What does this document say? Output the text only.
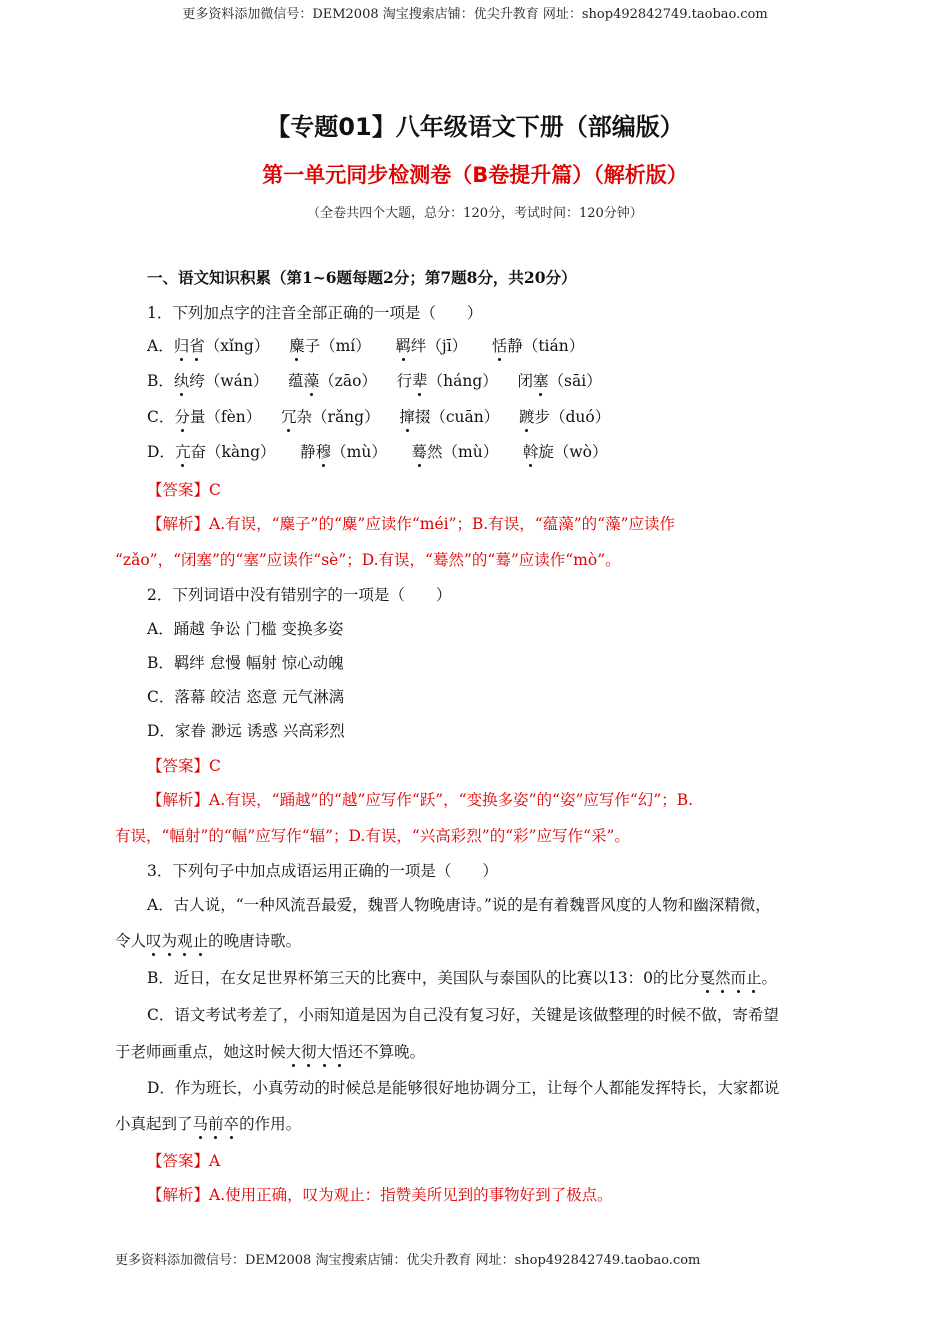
更多资料添加微信号：DEM2008 淘宝搜索店铺：优尖升教育 网址：shop492842749.taobao.com
【专题01】八年级语文下册（部编版）
第一单元同步检测卷（B卷提升篇）（解析版）
（全卷共四个大题，总分：120分，考试时间：120分钟）
一、语文知识积累（第1~6题每题2分；第7题8分，共20分）
1．下列加点字的注音全部正确的一项是（　　）
A．归省（xǐng） 麋子（mí） 羁绊（jī） 恬静（tián）
B．纨绔（wán） 蕴藻（zāo） 行辈（háng） 闭塞（sāi）
C．分量（fèn） 冗杂（rǎng） 撺掇（cuān） 踱步（duó）
D．亢奋（kàng） 静穆（mù） 蓦然（mù） 斡旋（wò）
【答案】C
【解析】A.有误，“麋子”的“麋”应读作“méi”；B.有误，“蕴藻”的“藻”应读作
“zǎo”，“闭塞”的“塞”应读作“sè”；D.有误，“蓦然”的“蓦”应读作“mò”。
2．下列词语中没有错别字的一项是（　　）
A．踊越 争讼 门槛 变换多姿
B．羁绊 怠慢 幅射 惊心动魄
C．落幕 皎洁 恣意 元气淋漓
D．家眷 渺远 诱惑 兴高彩烈
【答案】C
【解析】A.有误，“踊越”的“越”应写作“跃”，“变换多姿”的“姿”应写作“幻”；B.
有误，“幅射”的“幅”应写作“辐”；D.有误，“兴高彩烈”的“彩”应写作“采”。
3．下列句子中加点成语运用正确的一项是（　　）
A．古人说，“一种风流吾最爱，魏晋人物晚唐诗。”说的是有着魏晋风度的人物和幽深精微，
令人叹为观止的晚唐诗歌。
B．近日，在女足世界杯第三天的比赛中，美国队与泰国队的比赛以13：0的比分戛然而止。
C．语文考试考差了，小雨知道是因为自己没有复习好，关键是该做整理的时候不做，寄希望
于老师画重点，她这时候大彻大悟还不算晚。
D．作为班长，小真劳动的时候总是能够很好地协调分工，让每个人都能发挥特长，大家都说
小真起到了马前卒的作用。
【答案】A
【解析】A.使用正确，叹为观止：指赞美所见到的事物好到了极点。
更多资料添加微信号：DEM2008 淘宝搜索店铺：优尖升教育 网址：shop492842749.taobao.com
